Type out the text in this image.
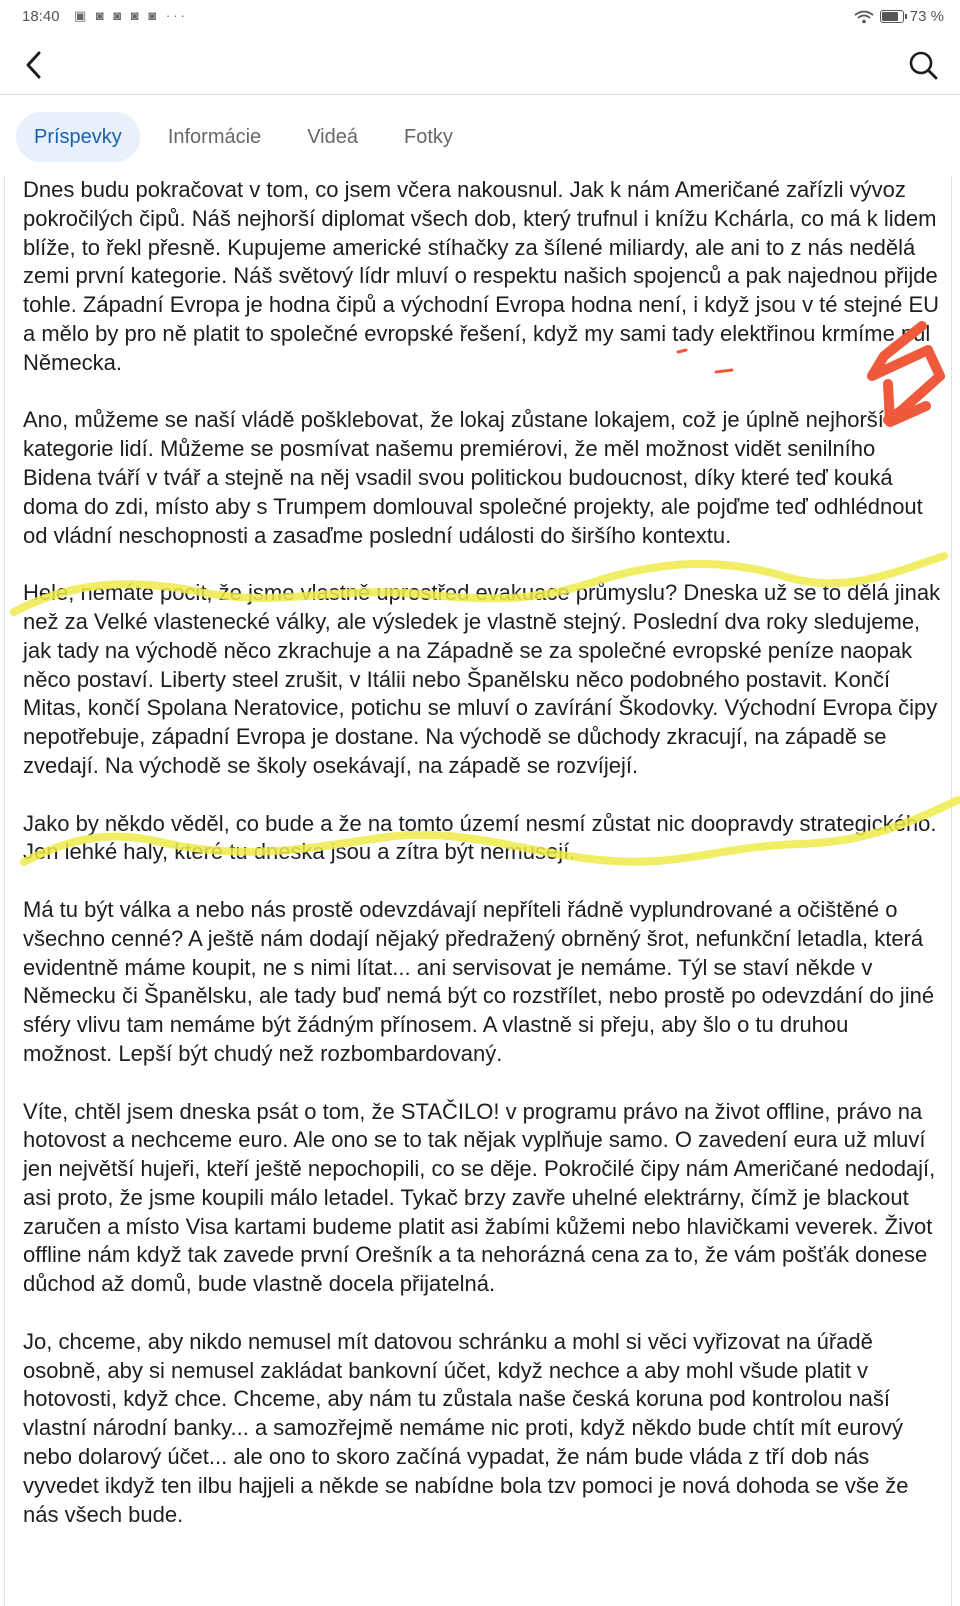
18:40 ▣ ◙ ◙ ◙ ◙ ···	73 %
Príspevky	Informácie	Videá	Fotky

Dnes budu pokračovat v tom, co jsem včera nakousnul. Jak k nám Američané zařízli vývoz pokročilých čipů. Náš nejhorší diplomat všech dob, který trufnul i knížu Kchárla, co má k lidem blíže, to řekl přesně. Kupujeme americké stíhačky za šílené miliardy, ale ani to z nás nedělá zemi první kategorie. Náš světový lídr mluví o respektu našich spojenců a pak najednou přijde tohle. Západní Evropa je hodna čipů a východní Evropa hodna není, i když jsou v té stejné EU a mělo by pro ně platit to společné evropské řešení, když my sami tady elektřinou krmíme půl Německa.

Ano, můžeme se naší vládě pošklebovat, že lokaj zůstane lokajem, což je úplně nejhorší kategorie lidí. Můžeme se posmívat našemu premiérovi, že měl možnost vidět senilního Bidena tváří v tvář a stejně na něj vsadil svou politickou budoucnost, díky které teď kouká doma do zdi, místo aby s Trumpem domlouval společné projekty, ale pojďme teď odhlédnout od vládní neschopnosti a zasaďme poslední události do širšího kontextu.

Hele, nemáte pocit, že jsme vlastně uprostřed evakuace průmyslu? Dneska už se to dělá jinak než za Velké vlastenecké války, ale výsledek je vlastně stejný. Poslední dva roky sledujeme, jak tady na východě něco zkrachuje a na Západně se za společné evropské peníze naopak něco postaví. Liberty steel zrušit, v Itálii nebo Španělsku něco podobného postavit. Končí Mitas, končí Spolana Neratovice, potichu se mluví o zavírání Škodovky. Východní Evropa čipy nepotřebuje, západní Evropa je dostane. Na východě se důchody zkracují, na západě se zvedají. Na východě se školy osekávají, na západě se rozvíjejí.

Jako by někdo věděl, co bude a že na tomto území nesmí zůstat nic doopravdy strategického. Jen lehké haly, které tu dneska jsou a zítra být nemusejí.

Má tu být válka a nebo nás prostě odevzdávají nepříteli řádně vyplundrované a očištěné o všechno cenné? A ještě nám dodají nějaký předražený obrněný šrot, nefunkční letadla, která evidentně máme koupit, ne s nimi lítat... ani servisovat je nemáme. Týl se staví někde v Německu či Španělsku, ale tady buď nemá být co rozstřílet, nebo prostě po odevzdání do jiné sféry vlivu tam nemáme být žádným přínosem. A vlastně si přeju, aby šlo o tu druhou možnost. Lepší být chudý než rozbombardovaný.

Víte, chtěl jsem dneska psát o tom, že STAČILO! v programu právo na život offline, právo na hotovost a nechceme euro. Ale ono se to tak nějak vyplňuje samo. O zavedení eura už mluví jen největší hujeři, kteří ještě nepochopili, co se děje. Pokročilé čipy nám Američané nedodají, asi proto, že jsme koupili málo letadel. Tykač brzy zavře uhelné elektrárny, čímž je blackout zaručen a místo Visa kartami budeme platit asi žabími kůžemi nebo hlavičkami veverek. Život offline nám když tak zavede první Orešník a ta nehorázná cena za to, že vám pošťák donese důchod až domů, bude vlastně docela přijatelná.

Jo, chceme, aby nikdo nemusel mít datovou schránku a mohl si věci vyřizovat na úřadě osobně, aby si nemusel zakládat bankovní účet, když nechce a aby mohl všude platit v hotovosti, když chce. Chceme, aby nám tu zůstala naše česká koruna pod kontrolou naší vlastní národní banky... a samozřejmě nemáme nic proti, když někdo bude chtít mít eurový nebo dolarový účet... ale ono to skoro začíná vypadat, že nám bude vláda z tří dob nás vyvedet ikdyž ten ilbu hajjeli a někde se nabídne bola tzv pomoci je nová dohoda se vše že nás všech bude.
